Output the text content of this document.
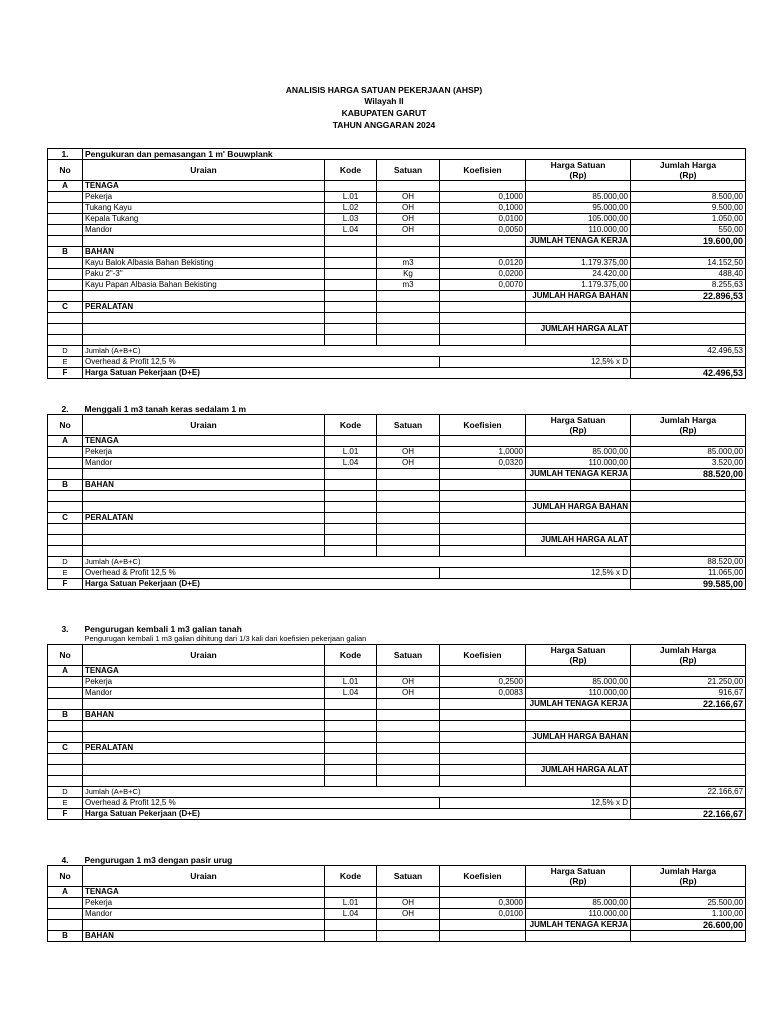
ANALISIS HARGA SATUAN PEKERJAAN (AHSP)
Wilayah II
KABUPATEN GARUT
TAHUN ANGGARAN 2024
1.	Pengukuran dan pemasangan 1 m' Bouwplank					
No	Uraian	Kode	Satuan	Koefisien	Harga Satuan
(Rp)	Jumlah Harga
(Rp)

A	TENAGA					
	Pekerja	L.01	OH	0,1000	85.000,00	8.500,00
	Tukang Kayu	L.02	OH	0,1000	95.000,00	9.500,00
	Kepala Tukang	L.03	OH	0,0100	105.000,00	1.050,00
	Mandor	L.04	OH	0,0050	110.000,00	550,00
					JUMLAH TENAGA KERJA	19.600,00
B	BAHAN					
	Kayu Balok Albasia Bahan Bekisting		m3	0,0120	1.179.375,00	14.152,50
	Paku 2"-3"		Kg	0,0200	24.420,00	488,40
	Kayu Papan Albasia Bahan Bekisting		m3	0,0070	1.179.375,00	8.255,63
					JUMLAH HARGA BAHAN	22.896,53
C	PERALATAN					

					JUMLAH HARGA ALAT	

D	Jumlah (A+B+C)					42.496,53
E	Overhead & Profit 12,5 %			12,5% x D		
F	Harga Satuan Pekerjaan (D+E)					42.496,53
2.	Menggali 1 m3 tanah keras sedalam 1 m					
No	Uraian	Kode	Satuan	Koefisien	Harga Satuan
(Rp)	Jumlah Harga
(Rp)

A	TENAGA					
	Pekerja	L.01	OH	1,0000	85.000,00	85.000,00
	Mandor	L.04	OH	0,0320	110.000,00	3.520,00
					JUMLAH TENAGA KERJA	88.520,00
B	BAHAN					

					JUMLAH HARGA BAHAN	
C	PERALATAN					

					JUMLAH HARGA ALAT	

D	Jumlah (A+B+C)					88.520,00
E	Overhead & Profit 12,5 %			12,5% x D		11.065,00
F	Harga Satuan Pekerjaan (D+E)					99.585,00
3.	Pengurugan kembali 1 m3 galian tanah					
	Pengurugan kembali 1 m3 galian dihitung dari 1/3 kali dari koefisien pekerjaan galian					
No	Uraian	Kode	Satuan	Koefisien	Harga Satuan
(Rp)	Jumlah Harga
(Rp)

A	TENAGA					
	Pekerja	L.01	OH	0,2500	85.000,00	21.250,00
	Mandor	L.04	OH	0,0083	110.000,00	916,67
					JUMLAH TENAGA KERJA	22.166,67
B	BAHAN					

					JUMLAH HARGA BAHAN	
C	PERALATAN					

					JUMLAH HARGA ALAT	

D	Jumlah (A+B+C)					22.166,67
E	Overhead & Profit 12,5 %			12,5% x D		
F	Harga Satuan Pekerjaan (D+E)					22.166,67
4.	Pengurugan 1 m3 dengan pasir urug					
No	Uraian	Kode	Satuan	Koefisien	Harga Satuan
(Rp)	Jumlah Harga
(Rp)

A	TENAGA					
	Pekerja	L.01	OH	0,3000	85.000,00	25.500,00
	Mandor	L.04	OH	0,0100	110.000,00	1.100,00
					JUMLAH TENAGA KERJA	26.600,00
B	BAHAN					
